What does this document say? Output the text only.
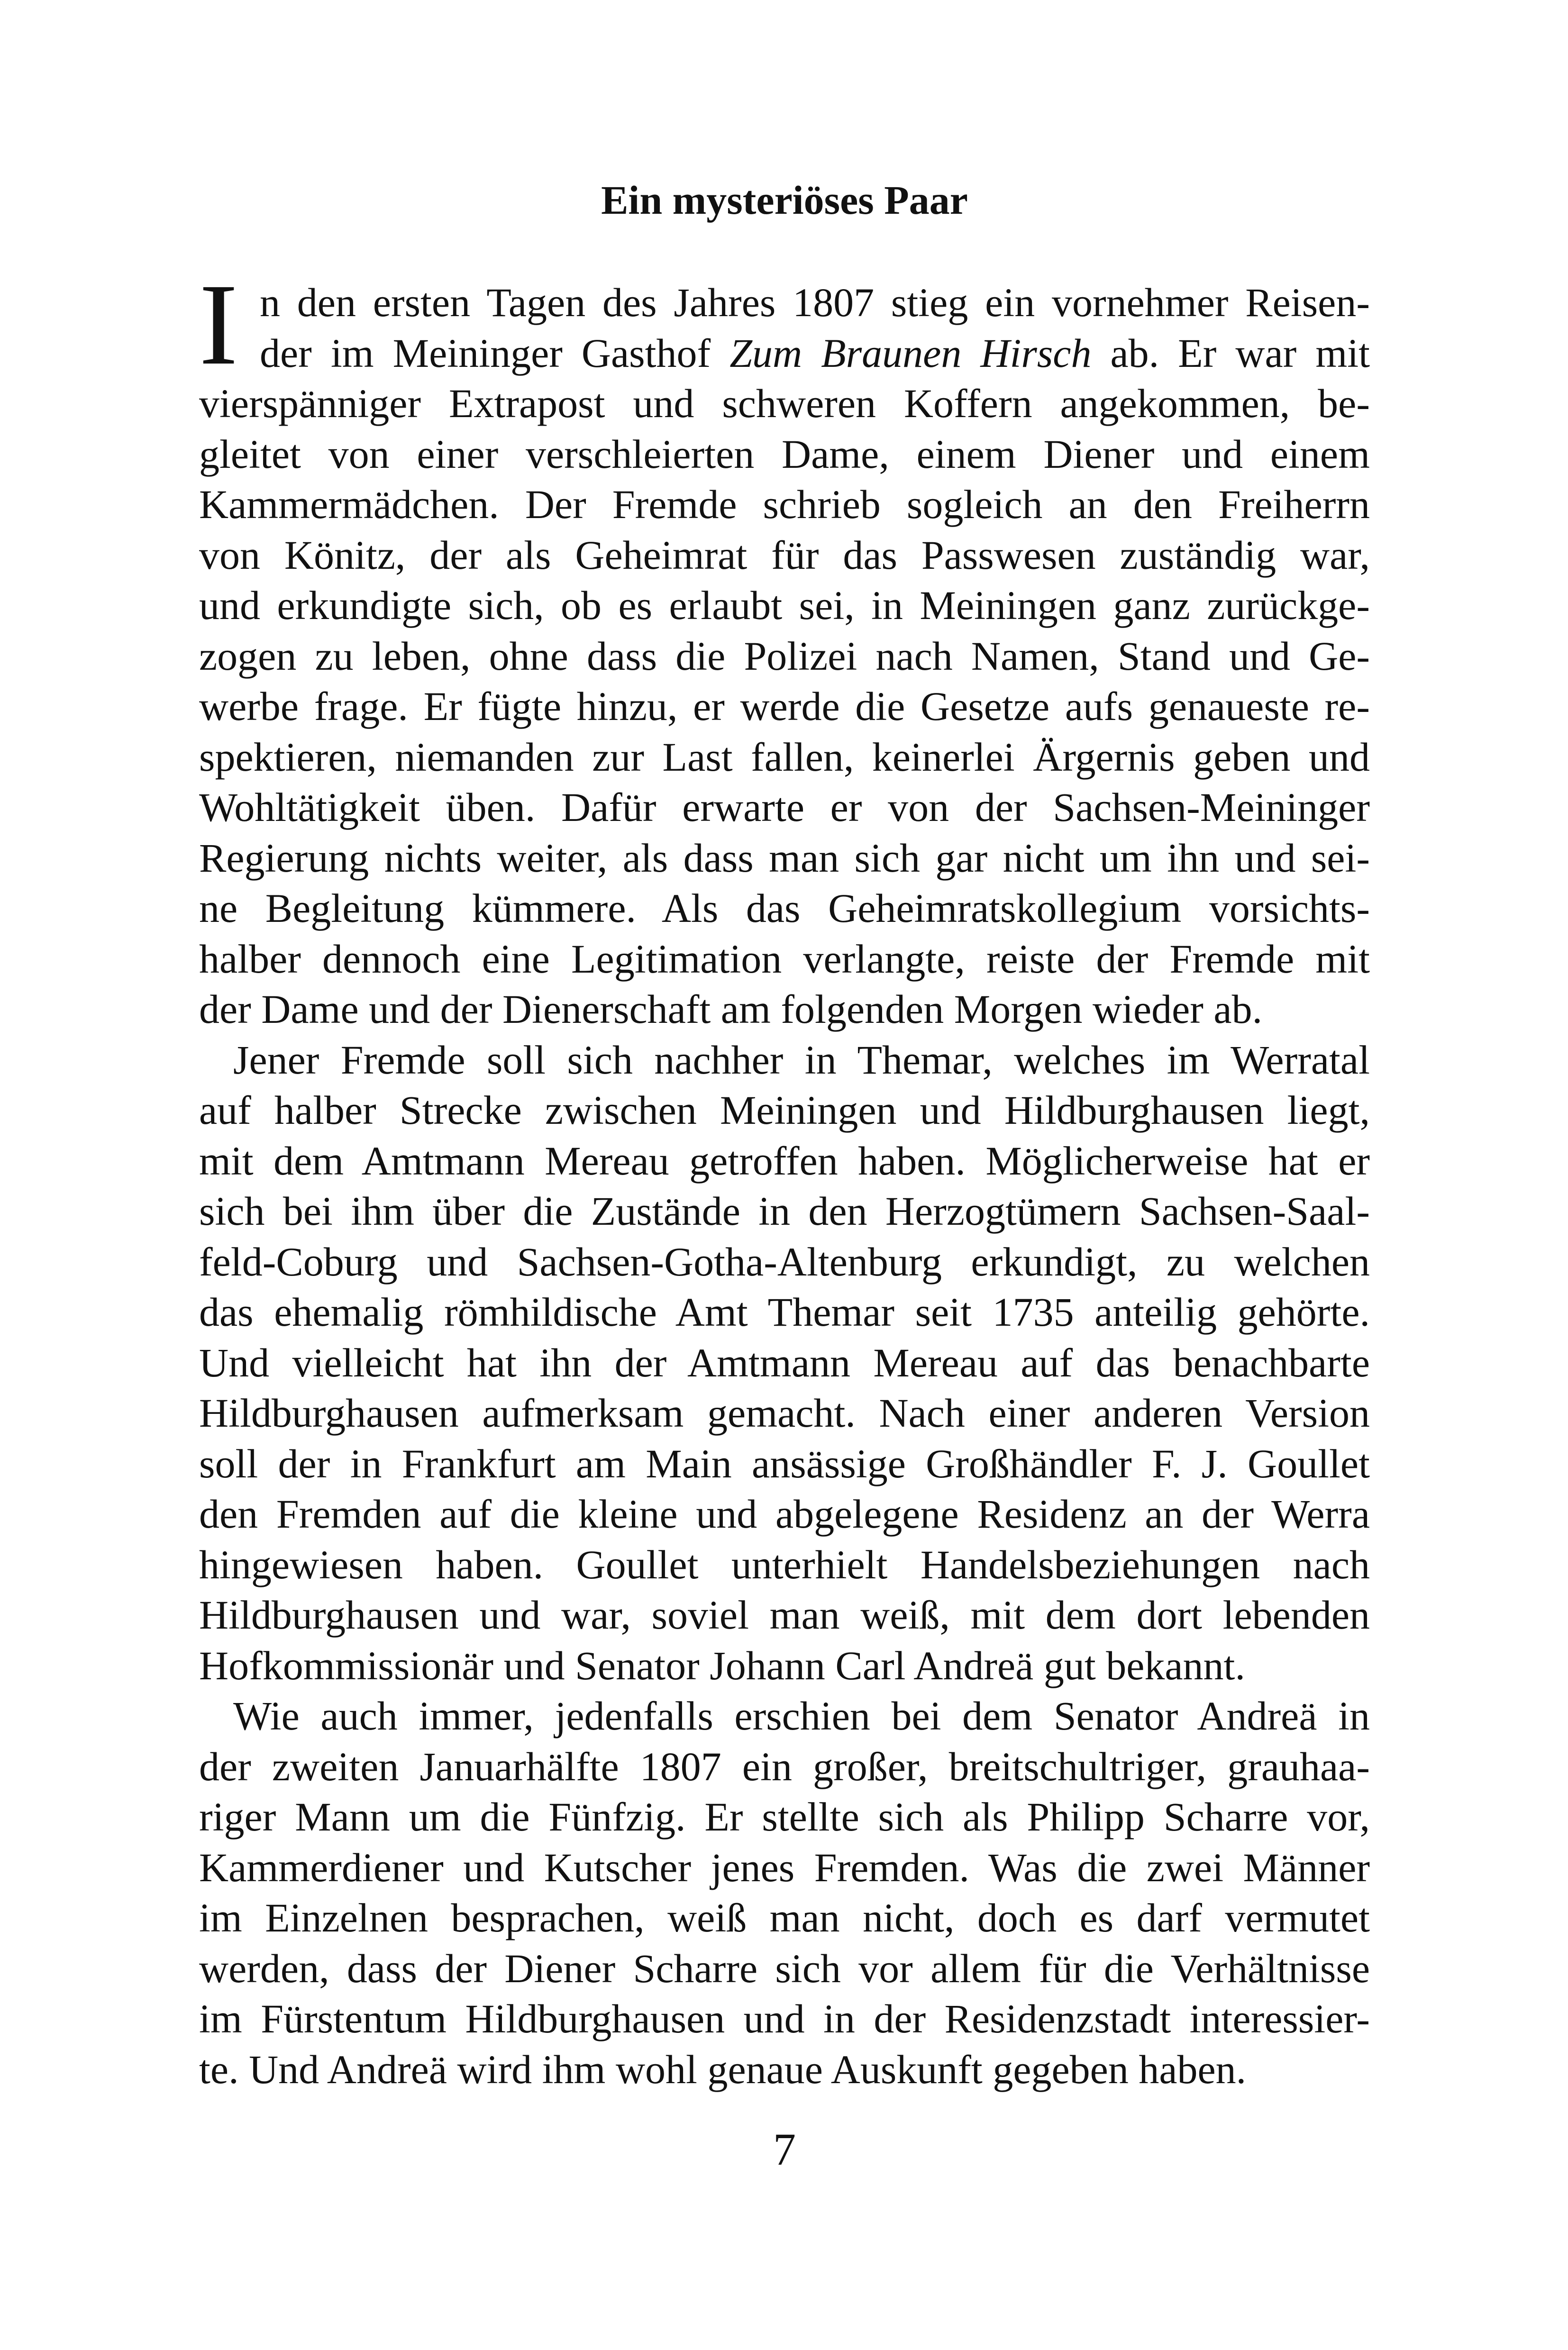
Ein mysteriöses Paar
I n den ersten Tagen des Jahres 1807 stieg ein vornehmer Reisen-
der im Meininger Gasthof Zum Braunen Hirsch ab. Er war mit
vierspänniger Extrapost und schweren Koffern angekommen, be-
gleitet von einer verschleierten Dame, einem Diener und einem
Kammermädchen. Der Fremde schrieb sogleich an den Freiherrn
von Könitz, der als Geheimrat für das Passwesen zuständig war,
und erkundigte sich, ob es erlaubt sei, in Meiningen ganz zurückge-
zogen zu leben, ohne dass die Polizei nach Namen, Stand und Ge-
werbe frage. Er fügte hinzu, er werde die Gesetze aufs genaueste re-
spektieren, niemanden zur Last fallen, keinerlei Ärgernis geben und
Wohltätigkeit üben. Dafür erwarte er von der Sachsen-Meininger
Regierung nichts weiter, als dass man sich gar nicht um ihn und sei-
ne Begleitung kümmere. Als das Geheimratskollegium vorsichts-
halber dennoch eine Legitimation verlangte, reiste der Fremde mit
der Dame und der Dienerschaft am folgenden Morgen wieder ab.
Jener Fremde soll sich nachher in Themar, welches im Werratal
auf halber Strecke zwischen Meiningen und Hildburghausen liegt,
mit dem Amtmann Mereau getroffen haben. Möglicherweise hat er
sich bei ihm über die Zustände in den Herzogtümern Sachsen-Saal-
feld-Coburg und Sachsen-Gotha-Altenburg erkundigt, zu welchen
das ehemalig römhildische Amt Themar seit 1735 anteilig gehörte.
Und vielleicht hat ihn der Amtmann Mereau auf das benachbarte
Hildburghausen aufmerksam gemacht. Nach einer anderen Version
soll der in Frankfurt am Main ansässige Großhändler F. J. Goullet
den Fremden auf die kleine und abgelegene Residenz an der Werra
hingewiesen haben. Goullet unterhielt Handelsbeziehungen nach
Hildburghausen und war, soviel man weiß, mit dem dort lebenden
Hofkommissionär und Senator Johann Carl Andreä gut bekannt.
Wie auch immer, jedenfalls erschien bei dem Senator Andreä in
der zweiten Januarhälfte 1807 ein großer, breitschultriger, grauhaa-
riger Mann um die Fünfzig. Er stellte sich als Philipp Scharre vor,
Kammerdiener und Kutscher jenes Fremden. Was die zwei Männer
im Einzelnen besprachen, weiß man nicht, doch es darf vermutet
werden, dass der Diener Scharre sich vor allem für die Verhältnisse
im Fürstentum Hildburghausen und in der Residenzstadt interessier-
te. Und Andreä wird ihm wohl genaue Auskunft gegeben haben.
7
